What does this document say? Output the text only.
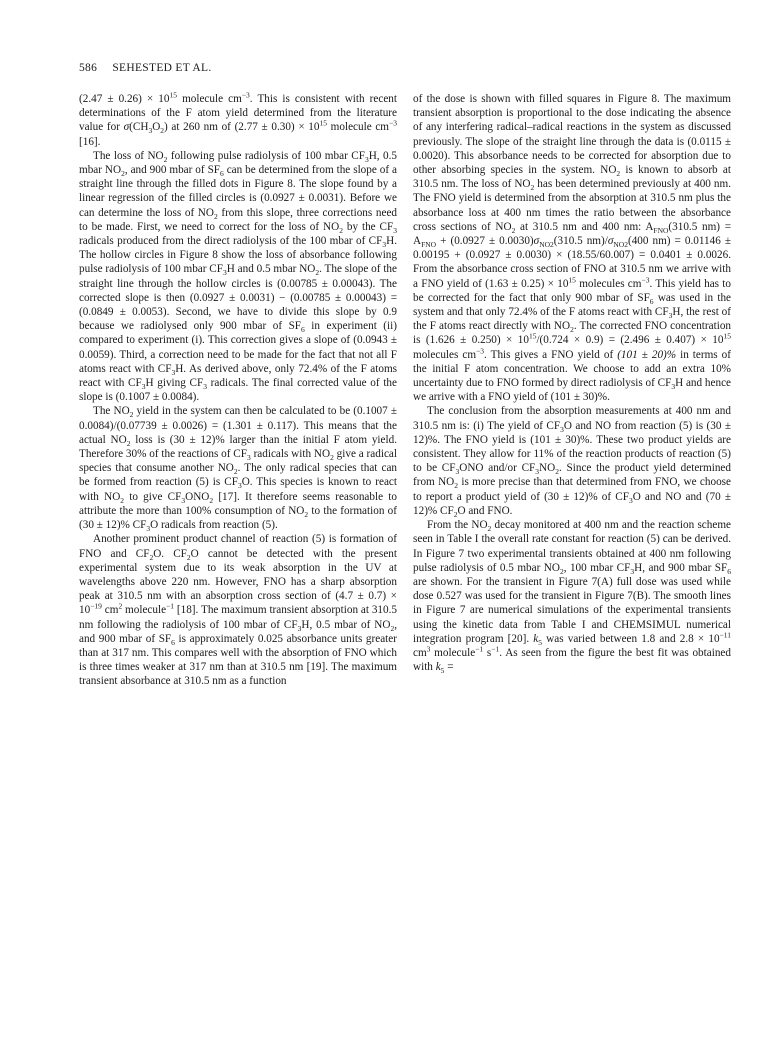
586 SEHESTED ET AL.

$(2.47 \pm 0.26) \times 10^{15}$ molecule $cm^{-3}$. This is consistent with recent determinations of the F atom yield determined from the literature value for $\sigma(CH_3O_2)$ at 260 nm of $(2.77 \pm 0.30) \times 10^{15}$ molecule $cm^{-3}$ [16].

The loss of $NO_2$ following pulse radiolysis of 100 mbar $CF_3H$, 0.5 mbar $NO_2$, and 900 mbar of $SF_6$ can be determined from the slope of a straight line through the filled dots in Figure 8. The slope found by a linear regression of the filled circles is (0.0927 ± 0.0031). Before we can determine the loss of $NO_2$ from this slope, three corrections need to be made. First, we need to correct for the loss of $NO_2$ by the $CF_3$ radicals produced from the direct radiolysis of the 100 mbar of $CF_3H$. The hollow circles in Figure 8 show the loss of absorbance following pulse radiolysis of 100 mbar $CF_3H$ and 0.5 mbar $NO_2$. The slope of the straight line through the hollow circles is (0.00785 ± 0.00043). The corrected slope is then (0.0927 ± 0.0031) − (0.00785 ± 0.00043) = (0.0849 ± 0.0053). Second, we have to divide this slope by 0.9 because we radiolysed only 900 mbar of $SF_6$ in experiment (ii) compared to experiment (i). This correction gives a slope of (0.0943 ± 0.0059). Third, a correction need to be made for the fact that not all F atoms react with $CF_3H$. As derived above, only 72.4% of the F atoms react with $CF_3H$ giving $CF_3$ radicals. The final corrected value of the slope is (0.1007 ± 0.0084).

The $NO_2$ yield in the system can then be calculated to be (0.1007 ± 0.0084)/(0.07739 ± 0.0026) = (1.301 ± 0.117). This means that the actual $NO_2$ loss is (30 ± 12)% larger than the initial F atom yield. Therefore 30% of the reactions of $CF_3$ radicals with $NO_2$ give a radical species that consume another $NO_2$. The only radical species that can be formed from reaction (5) is $CF_3O$. This species is known to react with $NO_2$ to give $CF_3ONO_2$ [17]. It therefore seems reasonable to attribute the more than 100% consumption of $NO_2$ to the formation of (30 ± 12)% $CF_3O$ radicals from reaction (5).

Another prominent product channel of reaction (5) is formation of FNO and $CF_2O$. $CF_2O$ cannot be detected with the present experimental system due to its weak absorption in the UV at wavelengths above 220 nm. However, FNO has a sharp absorption peak at 310.5 nm with an absorption cross section of $(4.7 \pm 0.7) \times 10^{-19}$ $cm^2$ molecule$^{-1}$ [18]. The maximum transient absorption at 310.5 nm following the radiolysis of 100 mbar of $CF_3H$, 0.5 mbar of $NO_2$, and 900 mbar of $SF_6$ is approximately 0.025 absorbance units greater than at 317 nm. This compares well with the absorption of FNO which is three times weaker at 317 nm than at 310.5 nm [19]. The maximum transient absorbance at 310.5 nm as a function

of the dose is shown with filled squares in Figure 8. The maximum transient absorption is proportional to the dose indicating the absence of any interfering radical–radical reactions in the system as discussed previously. The slope of the straight line through the data is (0.0115 ± 0.0020). This absorbance needs to be corrected for absorption due to other absorbing species in the system. $NO_2$ is known to absorb at 310.5 nm. The loss of $NO_2$ has been determined previously at 400 nm. The FNO yield is determined from the absorption at 310.5 nm plus the absorbance loss at 400 nm times the ratio between the absorbance cross sections of $NO_2$ at 310.5 nm and 400 nm: $A_{FNO}(310.5$ $nm) = A_{FNO} + (0.0927 \pm 0.0030)\sigma_{NO2}(310.5$ $nm)/\sigma_{NO2}(400$ nm) = 0.01146 ± 0.00195 + (0.0927 ± 0.0030) × (18.55/60.007) = 0.0401 ± 0.0026. From the absorbance cross section of FNO at 310.5 nm we arrive with a FNO yield of $(1.63 \pm 0.25) \times 10^{15}$ molecules $cm^{-3}$. This yield has to be corrected for the fact that only 900 mbar of $SF_6$ was used in the system and that only 72.4% of the F atoms react with $CF_3H$, the rest of the F atoms react directly with $NO_2$. The corrected FNO concentration is $(1.626 \pm 0.250) \times 10^{15}/(0.724 \times 0.9) = (2.496 \pm 0.407) \times 10^{15}$ molecules $cm^{-3}$. This gives a FNO yield of (101 ± 20)% in terms of the initial F atom concentration. We choose to add an extra 10% uncertainty due to FNO formed by direct radiolysis of $CF_3H$ and hence we arrive with a FNO yield of (101 ± 30)%.

The conclusion from the absorption measurements at 400 nm and 310.5 nm is: (i) The yield of $CF_3O$ and NO from reaction (5) is (30 ± 12)%. The FNO yield is (101 ± 30)%. These two product yields are consistent. They allow for 11% of the reaction products of reaction (5) to be $CF_3ONO$ and/or $CF_3NO_2$. Since the product yield determined from $NO_2$ is more precise than that determined from FNO, we choose to report a product yield of (30 ± 12)% of $CF_3O$ and NO and (70 ± 12)% $CF_2O$ and FNO.

From the $NO_2$ decay monitored at 400 nm and the reaction scheme seen in Table I the overall rate constant for reaction (5) can be derived. In Figure 7 two experimental transients obtained at 400 nm following pulse radiolysis of 0.5 mbar $NO_2$, 100 mbar $CF_3H$, and 900 mbar $SF_6$ are shown. For the transient in Figure 7(A) full dose was used while dose 0.527 was used for the transient in Figure 7(B). The smooth lines in Figure 7 are numerical simulations of the experimental transients using the kinetic data from Table I and CHEMSIMUL numerical integration program [20]. $k_5$ was varied between 1.8 and $2.8 \times 10^{-11}$ $cm^3$ molecule$^{-1}$ $s^{-1}$. As seen from the figure the best fit was obtained with $k_5$ =
